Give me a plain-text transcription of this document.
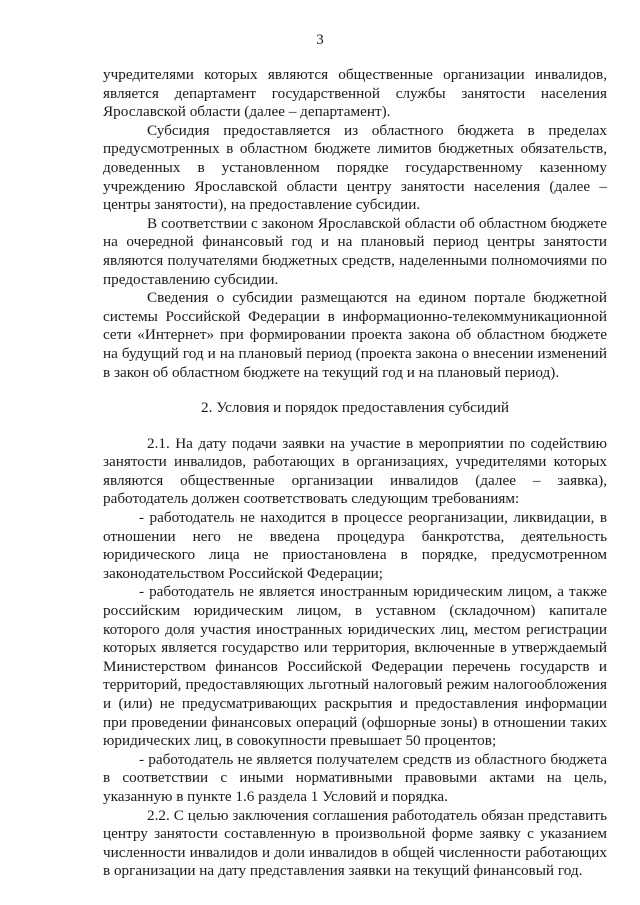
3

учредителями которых являются общественные организации инвалидов, является департамент государственной службы занятости населения Ярославской области (далее – департамент).

Субсидия предоставляется из областного бюджета в пределах предусмотренных в областном бюджете лимитов бюджетных обязательств, доведенных в установленном порядке государственному казенному учреждению Ярославской области центру занятости населения (далее – центры занятости), на предоставление субсидии.

В соответствии с законом Ярославской области об областном бюджете на очередной финансовый год и на плановый период центры занятости являются получателями бюджетных средств, наделенными полномочиями по предоставлению субсидии.

Сведения о субсидии размещаются на едином портале бюджетной системы Российской Федерации в информационно-телекоммуникационной сети «Интернет» при формировании проекта закона об областном бюджете на будущий год и на плановый период (проекта закона о внесении изменений в закон об областном бюджете на текущий год и на плановый период).

2. Условия и порядок предоставления субсидий

2.1. На дату подачи заявки на участие в мероприятии по содействию занятости инвалидов, работающих в организациях, учредителями которых являются общественные организации инвалидов (далее – заявка), работодатель должен соответствовать следующим требованиям:

- работодатель не находится в процессе реорганизации, ликвидации, в отношении него не введена процедура банкротства, деятельность юридического лица не приостановлена в порядке, предусмотренном законодательством Российской Федерации;

- работодатель не является иностранным юридическим лицом, а также российским юридическим лицом, в уставном (складочном) капитале которого доля участия иностранных юридических лиц, местом регистрации которых является государство или территория, включенные в утверждаемый Министерством финансов Российской Федерации перечень государств и территорий, предоставляющих льготный налоговый режим налогообложения и (или) не предусматривающих раскрытия и предоставления информации при проведении финансовых операций (офшорные зоны) в отношении таких юридических лиц, в совокупности превышает 50 процентов;

- работодатель не является получателем средств из областного бюджета в соответствии с иными нормативными правовыми актами на цель, указанную в пункте 1.6 раздела 1 Условий и порядка.

2.2. С целью заключения соглашения работодатель обязан представить центру занятости составленную в произвольной форме заявку с указанием численности инвалидов и доли инвалидов в общей численности работающих в организации на дату представления заявки на текущий финансовый год.
